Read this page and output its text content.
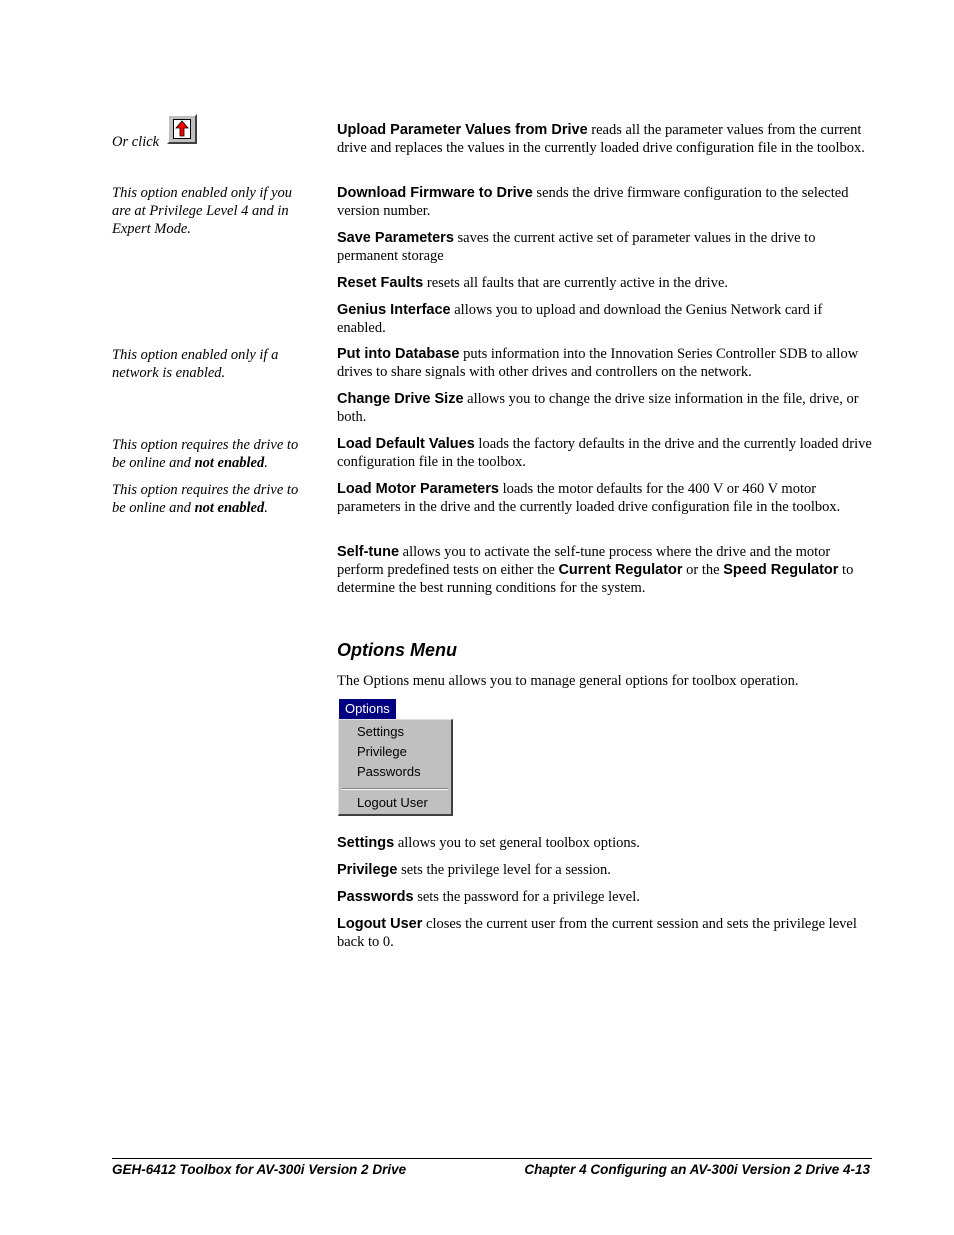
Or click
This option enabled only if you are at Privilege Level 4 and in Expert Mode.
This option enabled only if a network is enabled.
This option requires the drive to be online and not enabled.
This option requires the drive to be online and not enabled.
Upload Parameter Values from Drive reads all the parameter values from the current drive and replaces the values in the currently loaded drive configuration file in the toolbox.
Download Firmware to Drive sends the drive firmware configuration to the selected version number.
Save Parameters saves the current active set of parameter values in the drive to permanent storage
Reset Faults resets all faults that are currently active in the drive.
Genius Interface allows you to upload and download the Genius Network card if enabled.
Put into Database puts information into the Innovation Series Controller SDB to allow drives to share signals with other drives and controllers on the network.
Change Drive Size allows you to change the drive size information in the file, drive, or both.
Load Default Values loads the factory defaults in the drive and the currently loaded drive configuration file in the toolbox.
Load Motor Parameters loads the motor defaults for the 400 V or 460 V motor parameters in the drive and the currently loaded drive configuration file in the toolbox.
Self-tune allows you to activate the self-tune process where the drive and the motor perform predefined tests on either the Current Regulator or the Speed Regulator to determine the best running conditions for the system.
Options Menu
The Options menu allows you to manage general options for toolbox operation.
Options
Settings
Privilege
Passwords
Logout User
Settings allows you to set general toolbox options.
Privilege sets the privilege level for a session.
Passwords sets the password for a privilege level.
Logout User closes the current user from the current session and sets the privilege level back to 0.
GEH-6412 Toolbox for AV-300i Version 2 Drive	Chapter 4 Configuring an AV-300i Version 2 Drive 4-13
